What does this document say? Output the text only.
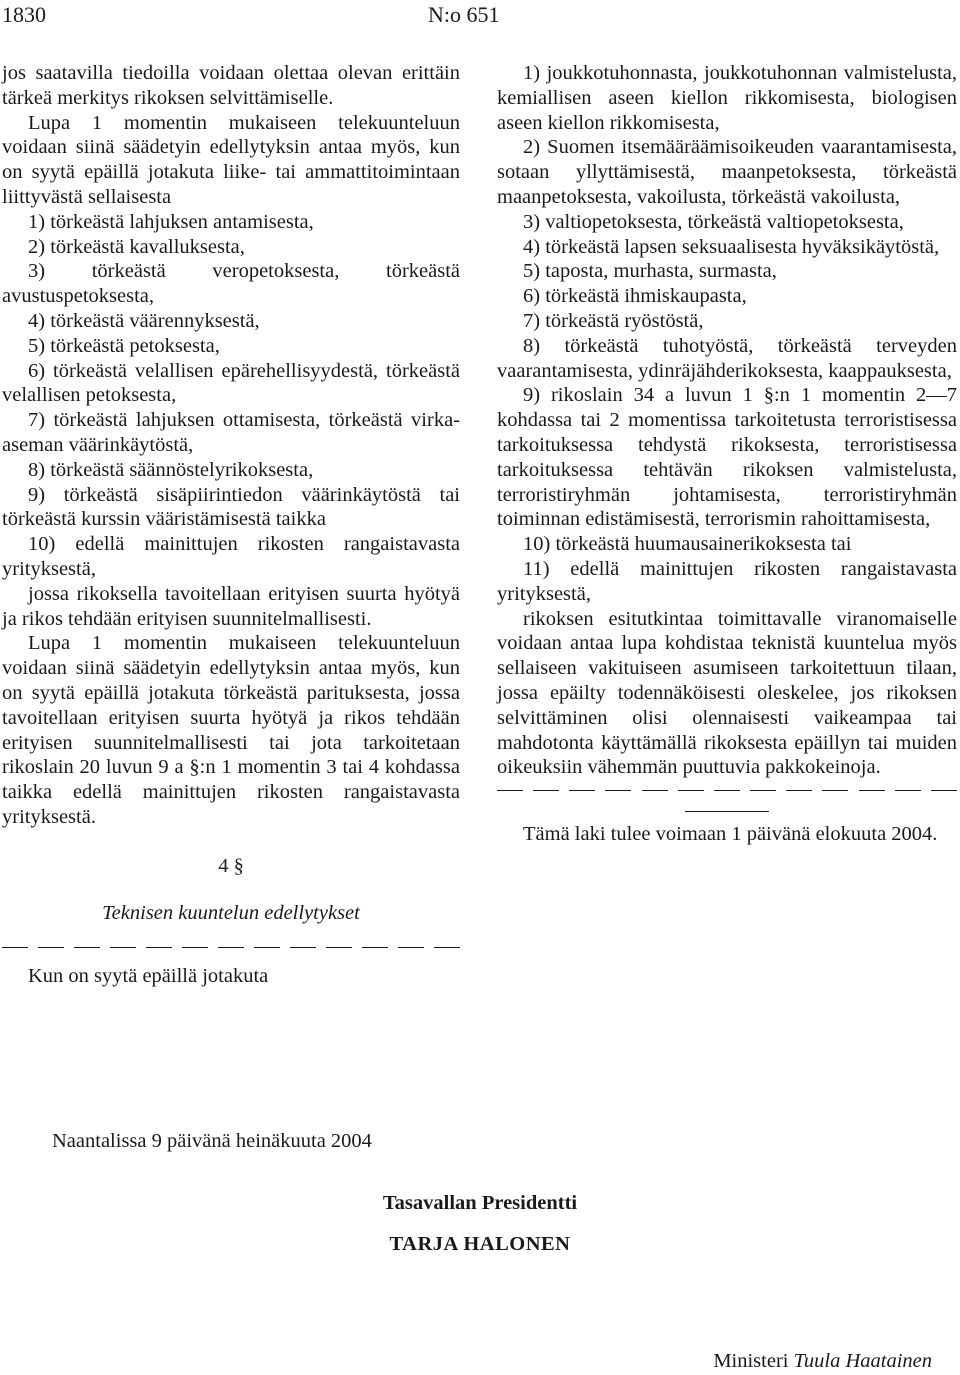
1830	N:o 651

jos saatavilla tiedoilla voidaan olettaa olevan erittäin tärkeä merkitys rikoksen selvittämiselle.

Lupa 1 momentin mukaiseen telekuunteluun voidaan siinä säädetyin edellytyksin antaa myös, kun on syytä epäillä jotakuta liike- tai ammattitoimintaan liittyvästä sellaisesta

1) törkeästä lahjuksen antamisesta,

2) törkeästä kavalluksesta,

3) törkeästä veropetoksesta, törkeästä avustuspetoksesta,

4) törkeästä väärennyksestä,

5) törkeästä petoksesta,

6) törkeästä velallisen epärehellisyydestä, törkeästä velallisen petoksesta,

7) törkeästä lahjuksen ottamisesta, törkeästä virka-aseman väärinkäytöstä,

8) törkeästä säännöstelyrikoksesta,

9) törkeästä sisäpiirintiedon väärinkäytöstä tai törkeästä kurssin vääristämisestä taikka

10) edellä mainittujen rikosten rangaistavasta yrityksestä,

jossa rikoksella tavoitellaan erityisen suurta hyötyä ja rikos tehdään erityisen suunnitelmallisesti.

Lupa 1 momentin mukaiseen telekuunteluun voidaan siinä säädetyin edellytyksin antaa myös, kun on syytä epäillä jotakuta törkeästä parituksesta, jossa tavoitellaan erityisen suurta hyötyä ja rikos tehdään erityisen suunnitelmallisesti tai jota tarkoitetaan rikoslain 20 luvun 9 a §:n 1 momentin 3 tai 4 kohdassa taikka edellä mainittujen rikosten rangaistavasta yrityksestä.

4 §

Teknisen kuuntelun edellytykset

Kun on syytä epäillä jotakuta

1) joukkotuhonnasta, joukkotuhonnan valmistelusta, kemiallisen aseen kiellon rikkomisesta, biologisen aseen kiellon rikkomisesta,

2) Suomen itsemääräämisoikeuden vaarantamisesta, sotaan yllyttämisestä, maanpetoksesta, törkeästä maanpetoksesta, vakoilusta, törkeästä vakoilusta,

3) valtiopetoksesta, törkeästä valtiopetoksesta,

4) törkeästä lapsen seksuaalisesta hyväksikäytöstä,

5) taposta, murhasta, surmasta,

6) törkeästä ihmiskaupasta,

7) törkeästä ryöstöstä,

8) törkeästä tuhotyöstä, törkeästä terveyden vaarantamisesta, ydinräjähderikoksesta, kaappauksesta,

9) rikoslain 34 a luvun 1 §:n 1 momentin 2—7 kohdassa tai 2 momentissa tarkoitetusta terroristisessa tarkoituksessa tehdystä rikoksesta, terroristisessa tarkoituksessa tehtävän rikoksen valmistelusta, terroristiryhmän johtamisesta, terroristiryhmän toiminnan edistämisestä, terrorismin rahoittamisesta,

10) törkeästä huumausainerikoksesta tai

11) edellä mainittujen rikosten rangaistavasta yrityksestä,

rikoksen esitutkintaa toimittavalle viranomaiselle voidaan antaa lupa kohdistaa teknistä kuuntelua myös sellaiseen vakituiseen asumiseen tarkoitettuun tilaan, jossa epäilty todennäköisesti oleskelee, jos rikoksen selvittäminen olisi olennaisesti vaikeampaa tai mahdotonta käyttämällä rikoksesta epäillyn tai muiden oikeuksiin vähemmän puuttuvia pakkokeinoja.

Tämä laki tulee voimaan 1 päivänä elokuuta 2004.

Naantalissa 9 päivänä heinäkuuta 2004
Tasavallan Presidentti
TARJA HALONEN
Ministeri Tuula Haatainen
